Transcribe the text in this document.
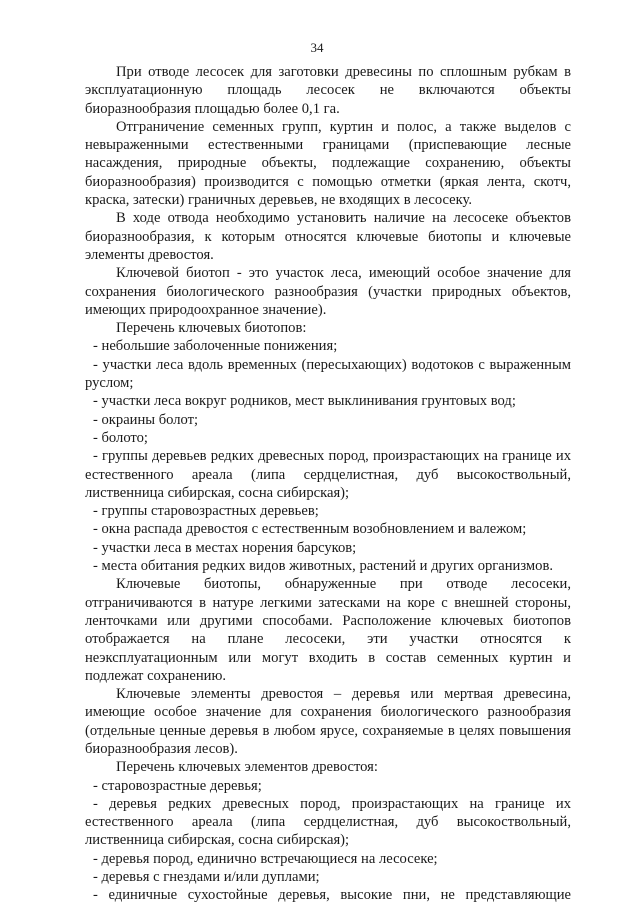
34

При отводе лесосек для заготовки древесины по сплошным рубкам в эксплуатационную площадь лесосек не включаются объекты биоразнообразия площадью более 0,1 га.

Отграничение семенных групп, куртин и полос, а также выделов с невыраженными естественными границами (приспевающие лесные насаждения, природные объекты, подлежащие сохранению, объекты биоразнообразия) производится с помощью отметки (яркая лента, скотч, краска, затески) граничных деревьев, не входящих в лесосеку.

В ходе отвода необходимо установить наличие на лесосеке объектов биоразнообразия, к которым относятся ключевые биотопы и ключевые элементы древостоя.

Ключевой биотоп - это участок леса, имеющий особое значение для сохранения биологического разнообразия (участки природных объектов, имеющих природоохранное значение).

Перечень ключевых биотопов:

- небольшие заболоченные понижения;

- участки леса вдоль временных (пересыхающих) водотоков с выраженным руслом;

- участки леса вокруг родников, мест выклинивания грунтовых вод;

- окраины болот;

- болото;

- группы деревьев редких древесных пород, произрастающих на границе их естественного ареала (липа сердцелистная, дуб высокоствольный, лиственница сибирская, сосна сибирская);

- группы старовозрастных деревьев;

- окна распада древостоя с естественным возобновлением и валежом;

- участки леса в местах норения барсуков;

- места обитания редких видов животных, растений и других организмов.

Ключевые биотопы, обнаруженные при отводе лесосеки, отграничиваются в натуре легкими затесками на коре с внешней стороны, ленточками или другими способами. Расположение ключевых биотопов отображается на плане лесосеки, эти участки относятся к неэксплуатационным или могут входить в состав семенных куртин и подлежат сохранению.

Ключевые элементы древостоя – деревья или мертвая древесина, имеющие особое значение для сохранения биологического разнообразия (отдельные ценные деревья в любом ярусе, сохраняемые в целях повышения биоразнообразия лесов).

Перечень ключевых элементов древостоя:

- старовозрастные деревья;

- деревья редких древесных пород, произрастающих на границе их естественного ареала (липа сердцелистная, дуб высокоствольный, лиственница сибирская, сосна сибирская);

- деревья пород, единично встречающиеся на лесосеке;

- деревья с гнездами и/или дуплами;

- единичные сухостойные деревья, высокие пни, не представляющие
